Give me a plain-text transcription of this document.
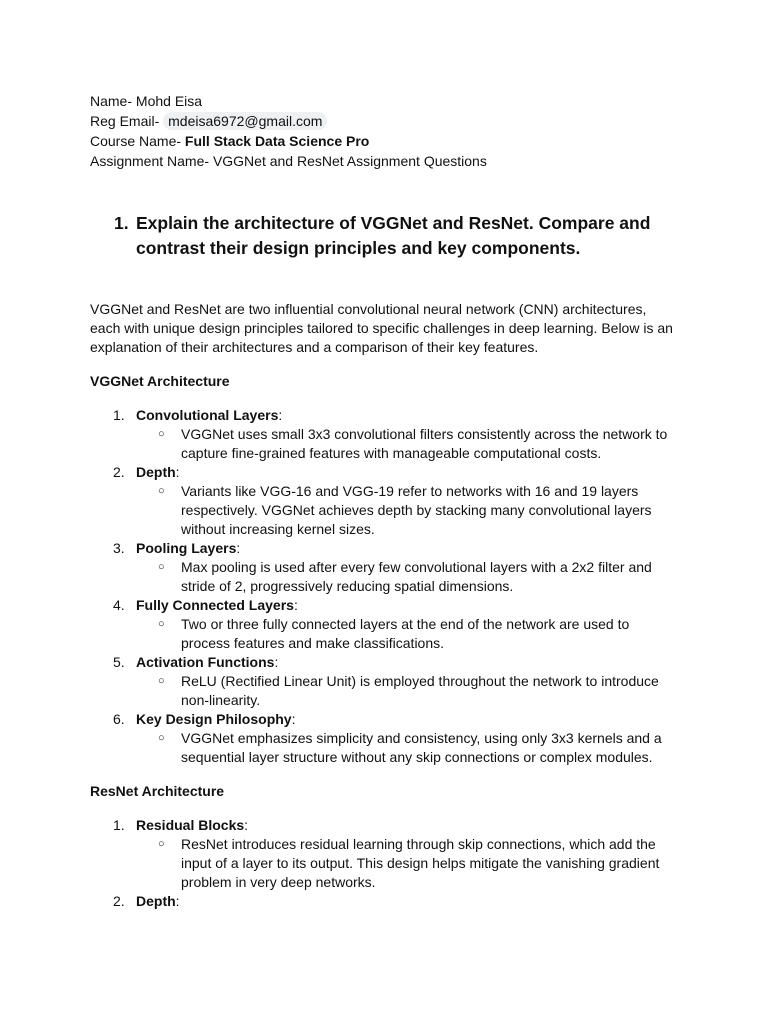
Name- Mohd Eisa
Reg Email- mdeisa6972@gmail.com
Course Name- Full Stack Data Science Pro
Assignment Name- VGGNet and ResNet Assignment Questions
1. Explain the architecture of VGGNet and ResNet. Compare and contrast their design principles and key components.
VGGNet and ResNet are two influential convolutional neural network (CNN) architectures, each with unique design principles tailored to specific challenges in deep learning. Below is an explanation of their architectures and a comparison of their key features.
VGGNet Architecture
1. Convolutional Layers:
○	VGGNet uses small 3x3 convolutional filters consistently across the network to capture fine-grained features with manageable computational costs.
2. Depth:
○	Variants like VGG-16 and VGG-19 refer to networks with 16 and 19 layers respectively. VGGNet achieves depth by stacking many convolutional layers without increasing kernel sizes.
3. Pooling Layers:
○	Max pooling is used after every few convolutional layers with a 2x2 filter and stride of 2, progressively reducing spatial dimensions.
4. Fully Connected Layers:
○	Two or three fully connected layers at the end of the network are used to process features and make classifications.
5. Activation Functions:
○	ReLU (Rectified Linear Unit) is employed throughout the network to introduce non-linearity.
6. Key Design Philosophy:
○	VGGNet emphasizes simplicity and consistency, using only 3x3 kernels and a sequential layer structure without any skip connections or complex modules.
ResNet Architecture
1. Residual Blocks:
○	ResNet introduces residual learning through skip connections, which add the input of a layer to its output. This design helps mitigate the vanishing gradient problem in very deep networks.
2. Depth:
